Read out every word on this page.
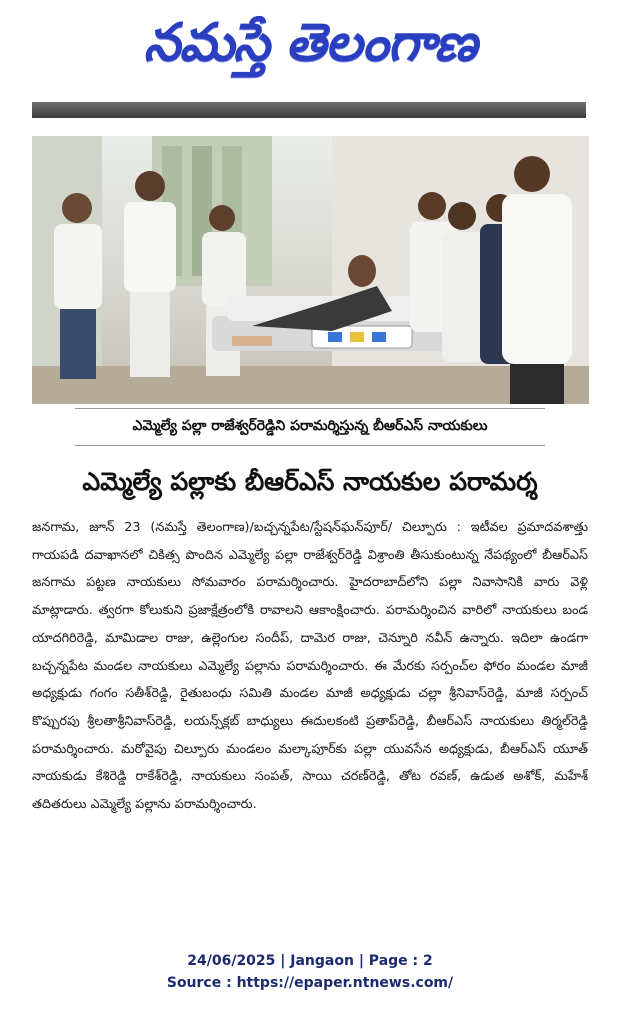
నమస్తే తెలంగాణ
ఎమ్మెల్యే పల్లా రాజేశ్వర్‌రెడ్డిని పరామర్శిస్తున్న బీఆర్‌ఎస్ నాయకులు
ఎమ్మెల్యే పల్లాకు బీఆర్‌ఎస్ నాయకుల పరామర్శ

జనగామ, జూన్ 23 (నమస్తే తెలంగాణ)/బచ్చన్నపేట/స్టేషన్‌ఘన్‌పూర్/ చిల్పూరు : ఇటీవల ప్రమాదవశాత్తు గాయపడి దవాఖానలో చికిత్స పొందిన ఎమ్మెల్యే పల్లా రాజేశ్వర్‌రెడ్డి విశ్రాంతి తీసుకుంటున్న నేపథ్యంలో బీఆర్‌ఎస్ జనగామ పట్టణ నాయకులు సోమవారం పరామర్శించారు. హైదరాబాద్‌లోని పల్లా నివాసానికి వారు వెళ్లి మాట్లాడారు. త్వరగా కోలుకుని ప్రజాక్షేత్రంలోకి రావాలని ఆకాంక్షించారు. పరామర్శించిన వారిలో నాయకులు బండ యాదగిరిరెడ్డి, మామిడాల రాజు, ఉల్లెంగుల సందీప్, దామెర రాజు, చెన్నూరి నవీన్ ఉన్నారు. ఇదిలా ఉండగా బచ్చన్నపేట మండల నాయకులు ఎమ్మెల్యే పల్లాను పరామర్శించారు. ఈ మేరకు సర్పంచ్‌ల ఫోరం మండల మాజీ అధ్యక్షుడు గంగం సతీశ్‌రెడ్డి, రైతుబంధు సమితి మండల మాజీ అధ్యక్షుడు చల్లా శ్రీనివాస్‌రెడ్డి, మాజీ సర్పంచ్ కొప్పురపు శ్రీలతాశ్రీనివాస్‌రెడ్డి, లయన్స్‌క్లబ్ బాధ్యులు ఈదులకంటి ప్రతాప్‌రెడ్డి, బీఆర్‌ఎస్ నాయకులు తిర్మల్‌రెడ్డి పరామర్శించారు. మరోవైపు చిల్పూరు మండలం మల్కాపూర్‌కు పల్లా యువసేన అధ్యక్షుడు, బీఆర్‌ఎస్ యూత్ నాయకుడు కేశిరెడ్డి రాకేశ్‌రెడ్డి, నాయకులు సంపత్, సాయి చరణ్‌రెడ్డి, తోట రవణ్, ఉడుత అశోక్, మహేశ్ తదితరులు ఎమ్మెల్యే పల్లాను పరామర్శించారు.

24/06/2025 | Jangaon | Page : 2
Source : https://epaper.ntnews.com/
